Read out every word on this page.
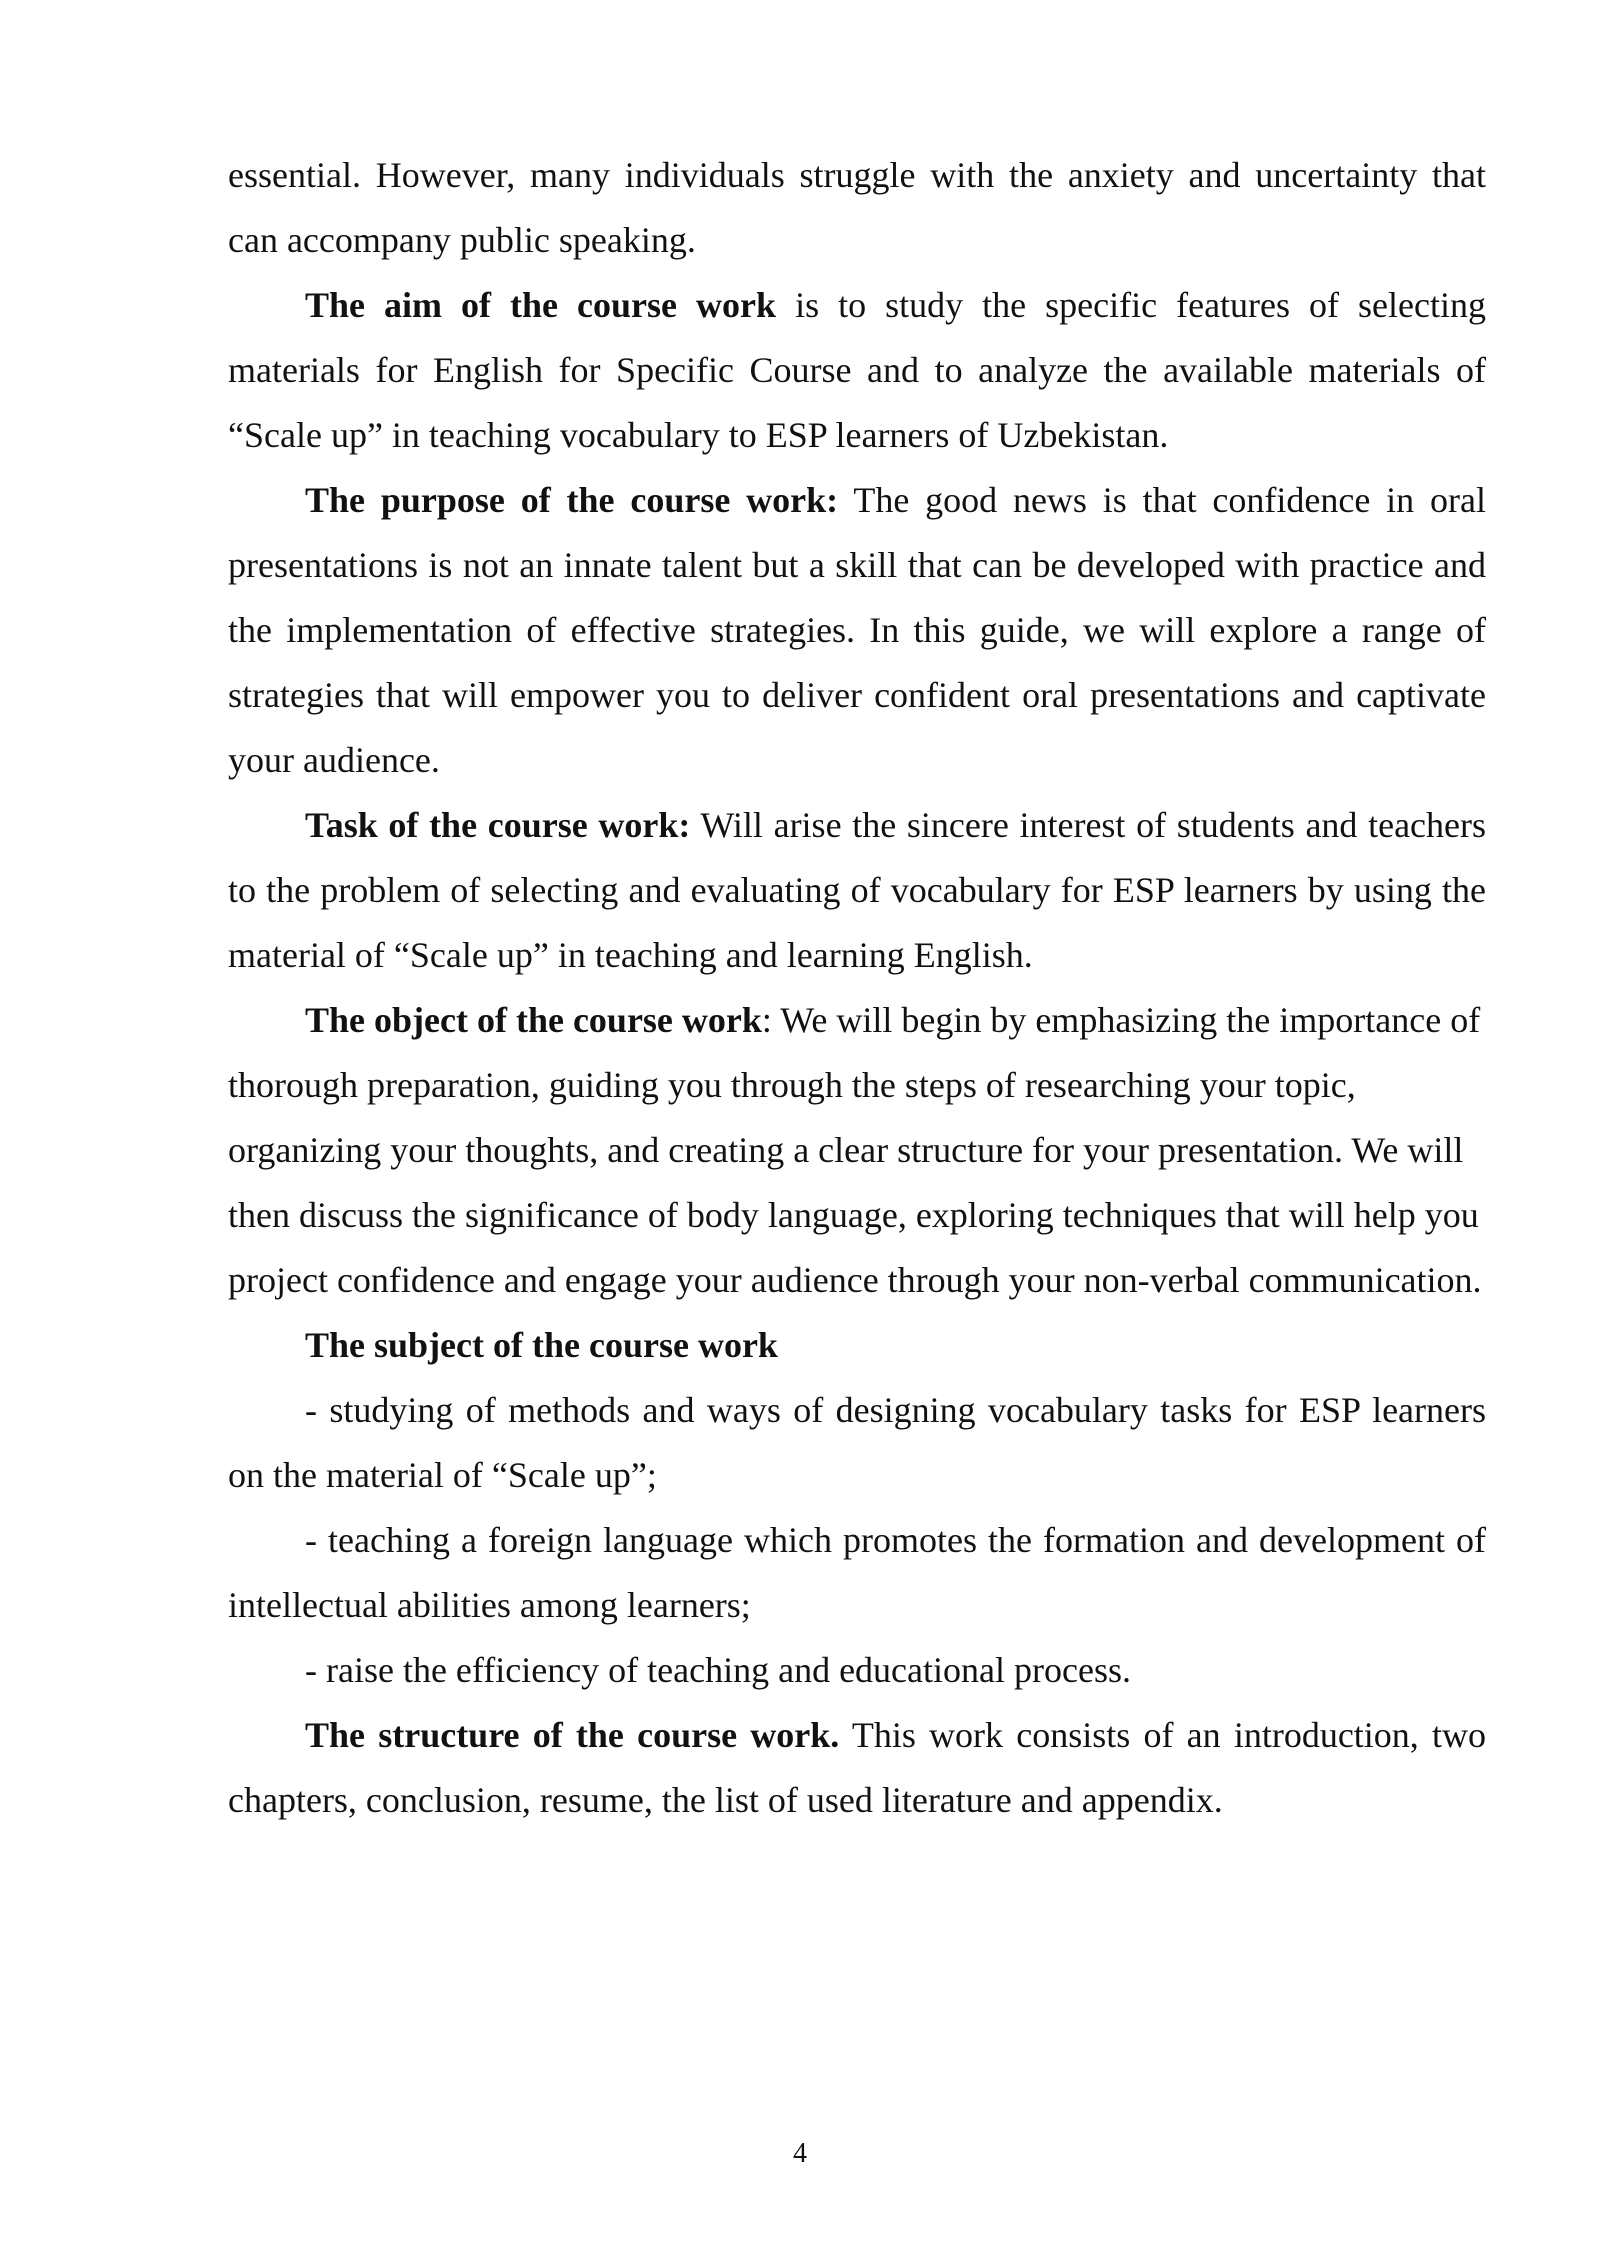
essential. However, many individuals struggle with the anxiety and uncertainty that can accompany public speaking.

The aim of the course work is to study the specific features of selecting materials for English for Specific Course and to analyze the available materials of “Scale up” in teaching vocabulary to ESP learners of Uzbekistan.

The purpose of the course work: The good news is that confidence in oral presentations is not an innate talent but a skill that can be developed with practice and the implementation of effective strategies. In this guide, we will explore a range of strategies that will empower you to deliver confident oral presentations and captivate your audience.

Task of the course work: Will arise the sincere interest of students and teachers to the problem of selecting and evaluating of vocabulary for ESP learners by using the material of “Scale up” in teaching and learning English.

The object of the course work: We will begin by emphasizing the importance of thorough preparation, guiding you through the steps of researching your topic, organizing your thoughts, and creating a clear structure for your presentation. We will then discuss the significance of body language, exploring techniques that will help you project confidence and engage your audience through your non-verbal communication.

The subject of the course work

- studying of methods and ways of designing vocabulary tasks for ESP learners on the material of “Scale up”;

- teaching a foreign language which promotes the formation and development of intellectual abilities among learners;

- raise the efficiency of teaching and educational process.

The structure of the course work. This work consists of an introduction, two chapters, conclusion, resume, the list of used literature and appendix.

4
